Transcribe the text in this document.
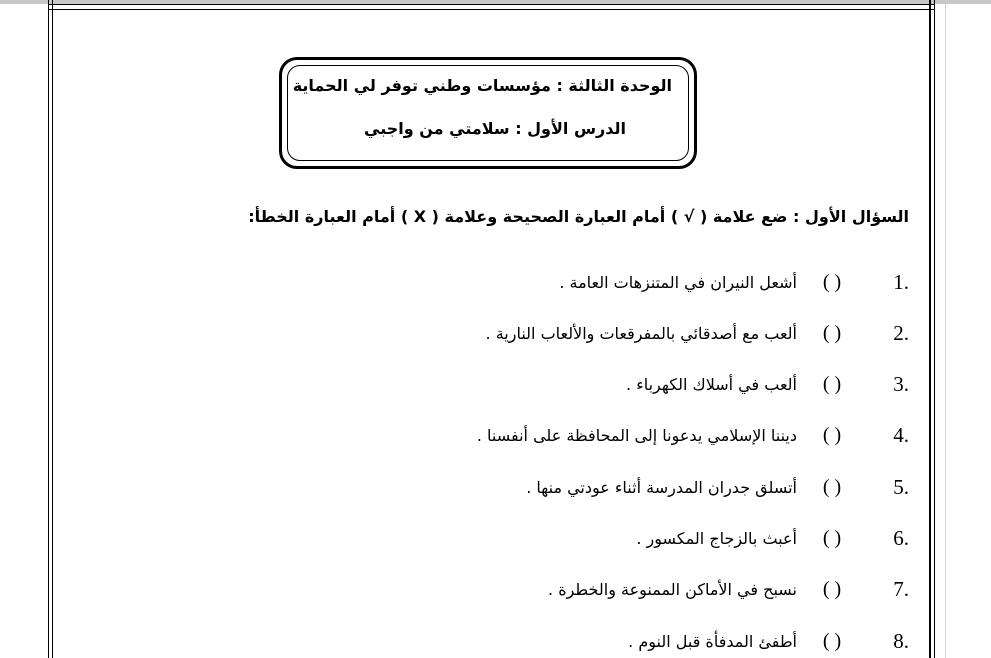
الوحدة الثالثة : مؤسسات وطني توفر لي الحماية
الدرس الأول : سلامتي من واجبي
السؤال الأول : ضع علامة ( √ ) أمام العبارة الصحيحة وعلامة ( X ) أمام العبارة الخطأ:
.1
( )
أشعل النيران في المتنزهات العامة .
.2
( )
ألعب مع أصدقائي بالمفرقعات والألعاب النارية .
.3
( )
ألعب في أسلاك الكهرباء .
.4
( )
ديننا الإسلامي يدعونا إلى المحافظة على أنفسنا .
.5
( )
أتسلق جدران المدرسة أثناء عودتي منها .
.6
( )
أعبث بالزجاج المكسور .
.7
( )
نسبح في الأماكن الممنوعة والخطرة .
.8
( )
أطفئ المدفأة قبل النوم .
